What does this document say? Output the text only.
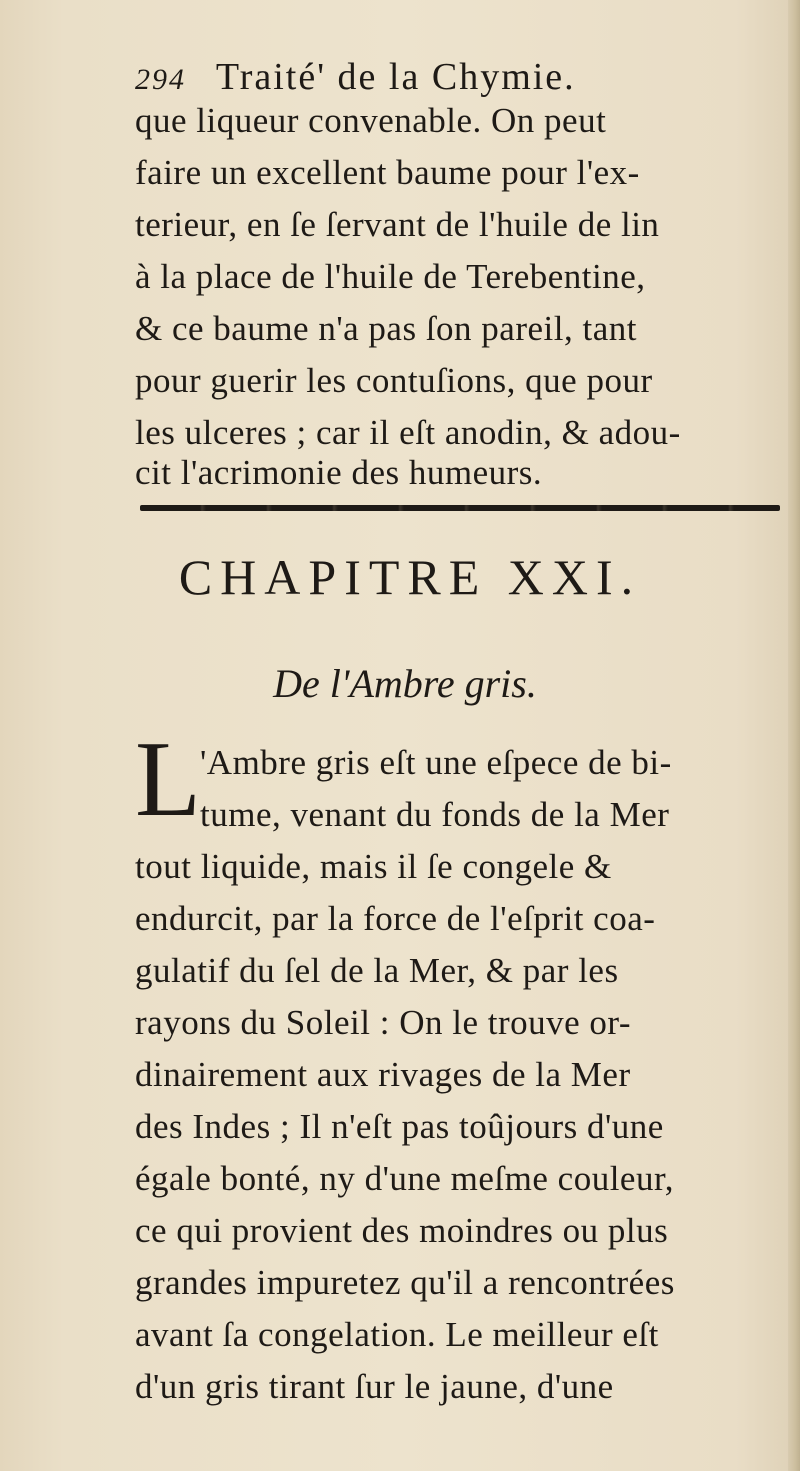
294 Traité' de la Chymie.
que liqueur convenable. On peut
faire un excellent baume pour l'ex-
terieur, en ſe ſervant de l'huile de lin
à la place de l'huile de Terebentine,
& ce baume n'a pas ſon pareil, tant
pour guerir les contuſions, que pour
les ulceres ; car il eſt anodin, & adou-
CHAPITRE XXI.
De l'Ambre gris.
L 'Ambre gris eſt une eſpece de bi-
tume, venant du fonds de la Mer
tout liquide, mais il ſe congele &
endurcit, par la force de l'eſprit coa-
gulatif du ſel de la Mer, & par les
rayons du Soleil : On le trouve or-
dinairement aux rivages de la Mer
des Indes ; Il n'eſt pas toûjours d'une
égale bonté, ny d'une meſme couleur,
ce qui provient des moindres ou plus
grandes impuretez qu'il a rencontrées
avant ſa congelation. Le meilleur eſt
d'un gris tirant ſur le jaune, d'une
cit l'acrimonie des humeurs.
